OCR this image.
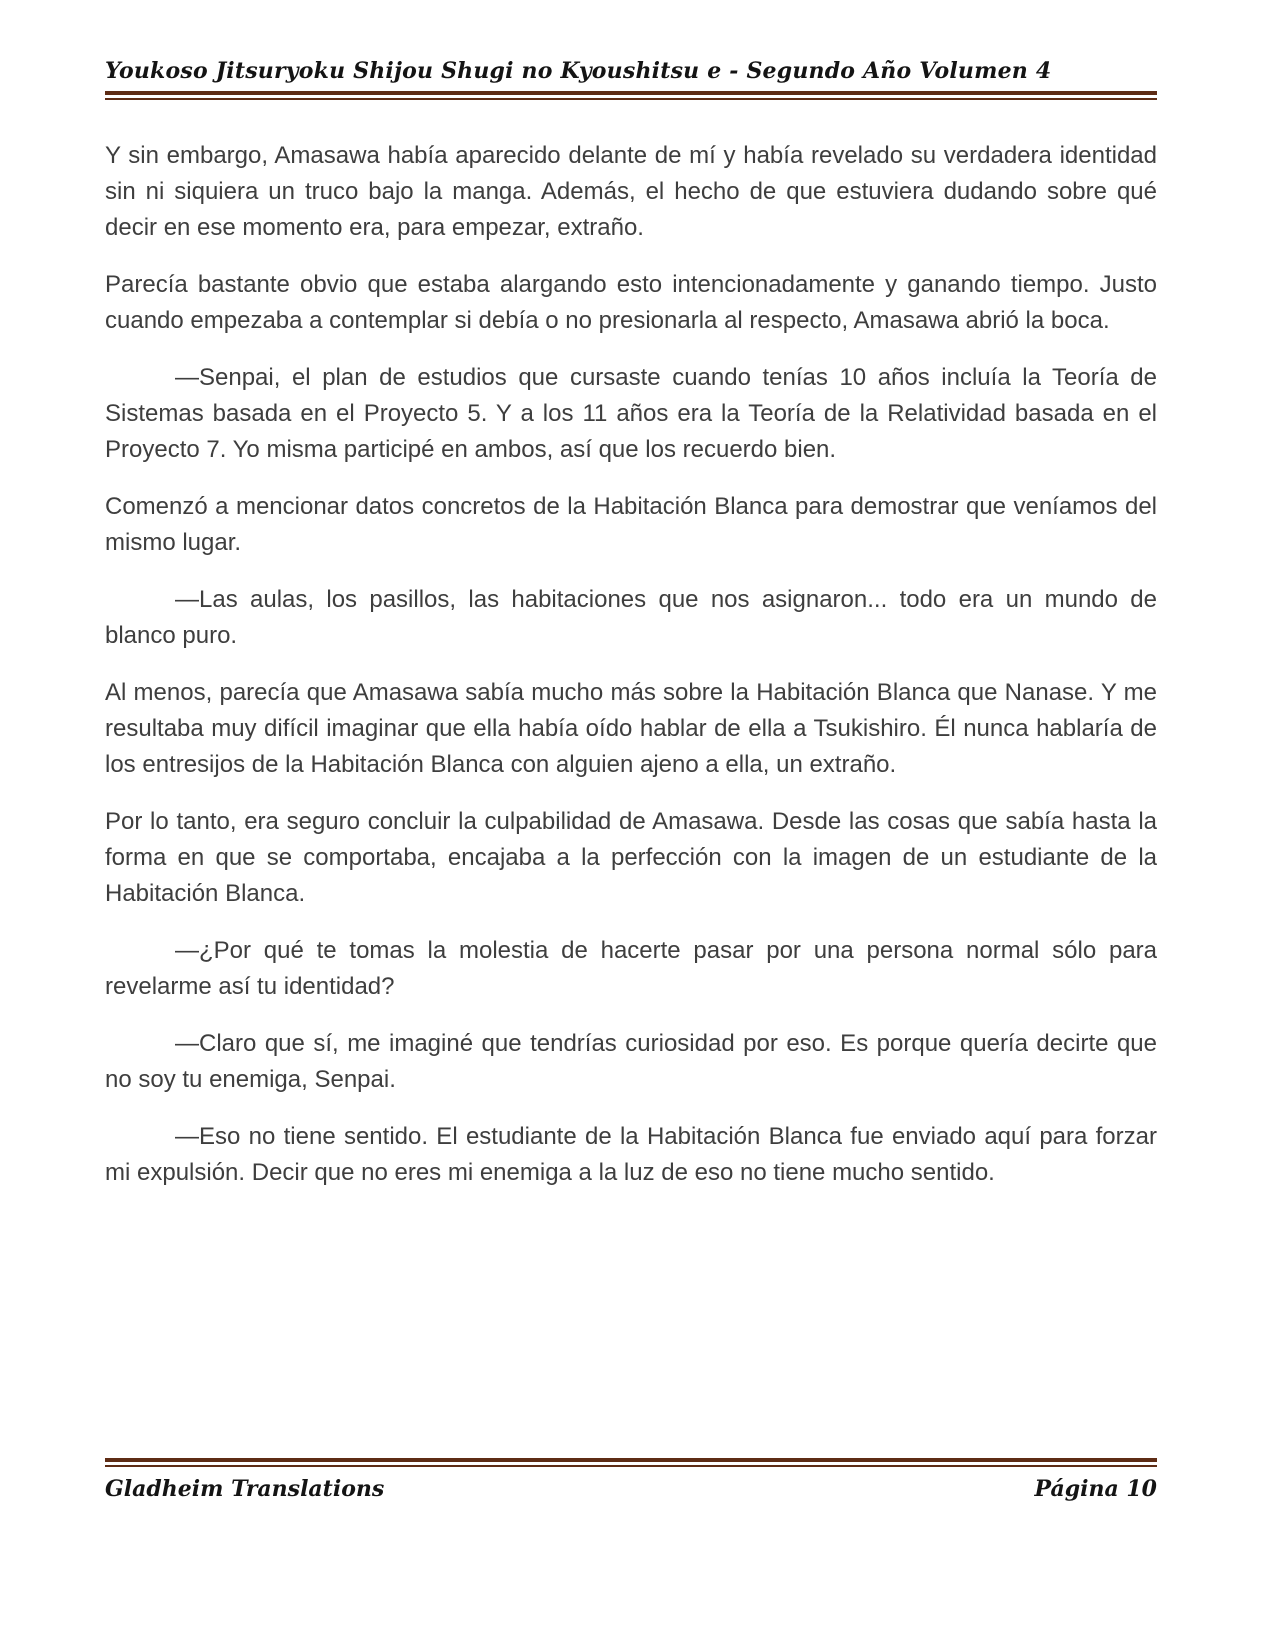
Youkoso Jitsuryoku Shijou Shugi no Kyoushitsu e - Segundo Año Volumen 4

Y sin embargo, Amasawa había aparecido delante de mí y había revelado su verdadera identidad sin ni siquiera un truco bajo la manga. Además, el hecho de que estuviera dudando sobre qué decir en ese momento era, para empezar, extraño.

Parecía bastante obvio que estaba alargando esto intencionadamente y ganando tiempo. Justo cuando empezaba a contemplar si debía o no presionarla al respecto, Amasawa abrió la boca.

—Senpai, el plan de estudios que cursaste cuando tenías 10 años incluía la Teoría de Sistemas basada en el Proyecto 5. Y a los 11 años era la Teoría de la Relatividad basada en el Proyecto 7. Yo misma participé en ambos, así que los recuerdo bien.

Comenzó a mencionar datos concretos de la Habitación Blanca para demostrar que veníamos del mismo lugar.

—Las aulas, los pasillos, las habitaciones que nos asignaron... todo era un mundo de blanco puro.

Al menos, parecía que Amasawa sabía mucho más sobre la Habitación Blanca que Nanase. Y me resultaba muy difícil imaginar que ella había oído hablar de ella a Tsukishiro. Él nunca hablaría de los entresijos de la Habitación Blanca con alguien ajeno a ella, un extraño.

Por lo tanto, era seguro concluir la culpabilidad de Amasawa. Desde las cosas que sabía hasta la forma en que se comportaba, encajaba a la perfección con la imagen de un estudiante de la Habitación Blanca.

—¿Por qué te tomas la molestia de hacerte pasar por una persona normal sólo para revelarme así tu identidad?

—Claro que sí, me imaginé que tendrías curiosidad por eso. Es porque quería decirte que no soy tu enemiga, Senpai.

—Eso no tiene sentido. El estudiante de la Habitación Blanca fue enviado aquí para forzar mi expulsión. Decir que no eres mi enemiga a la luz de eso no tiene mucho sentido.

Gladheim Translations	Página 10
